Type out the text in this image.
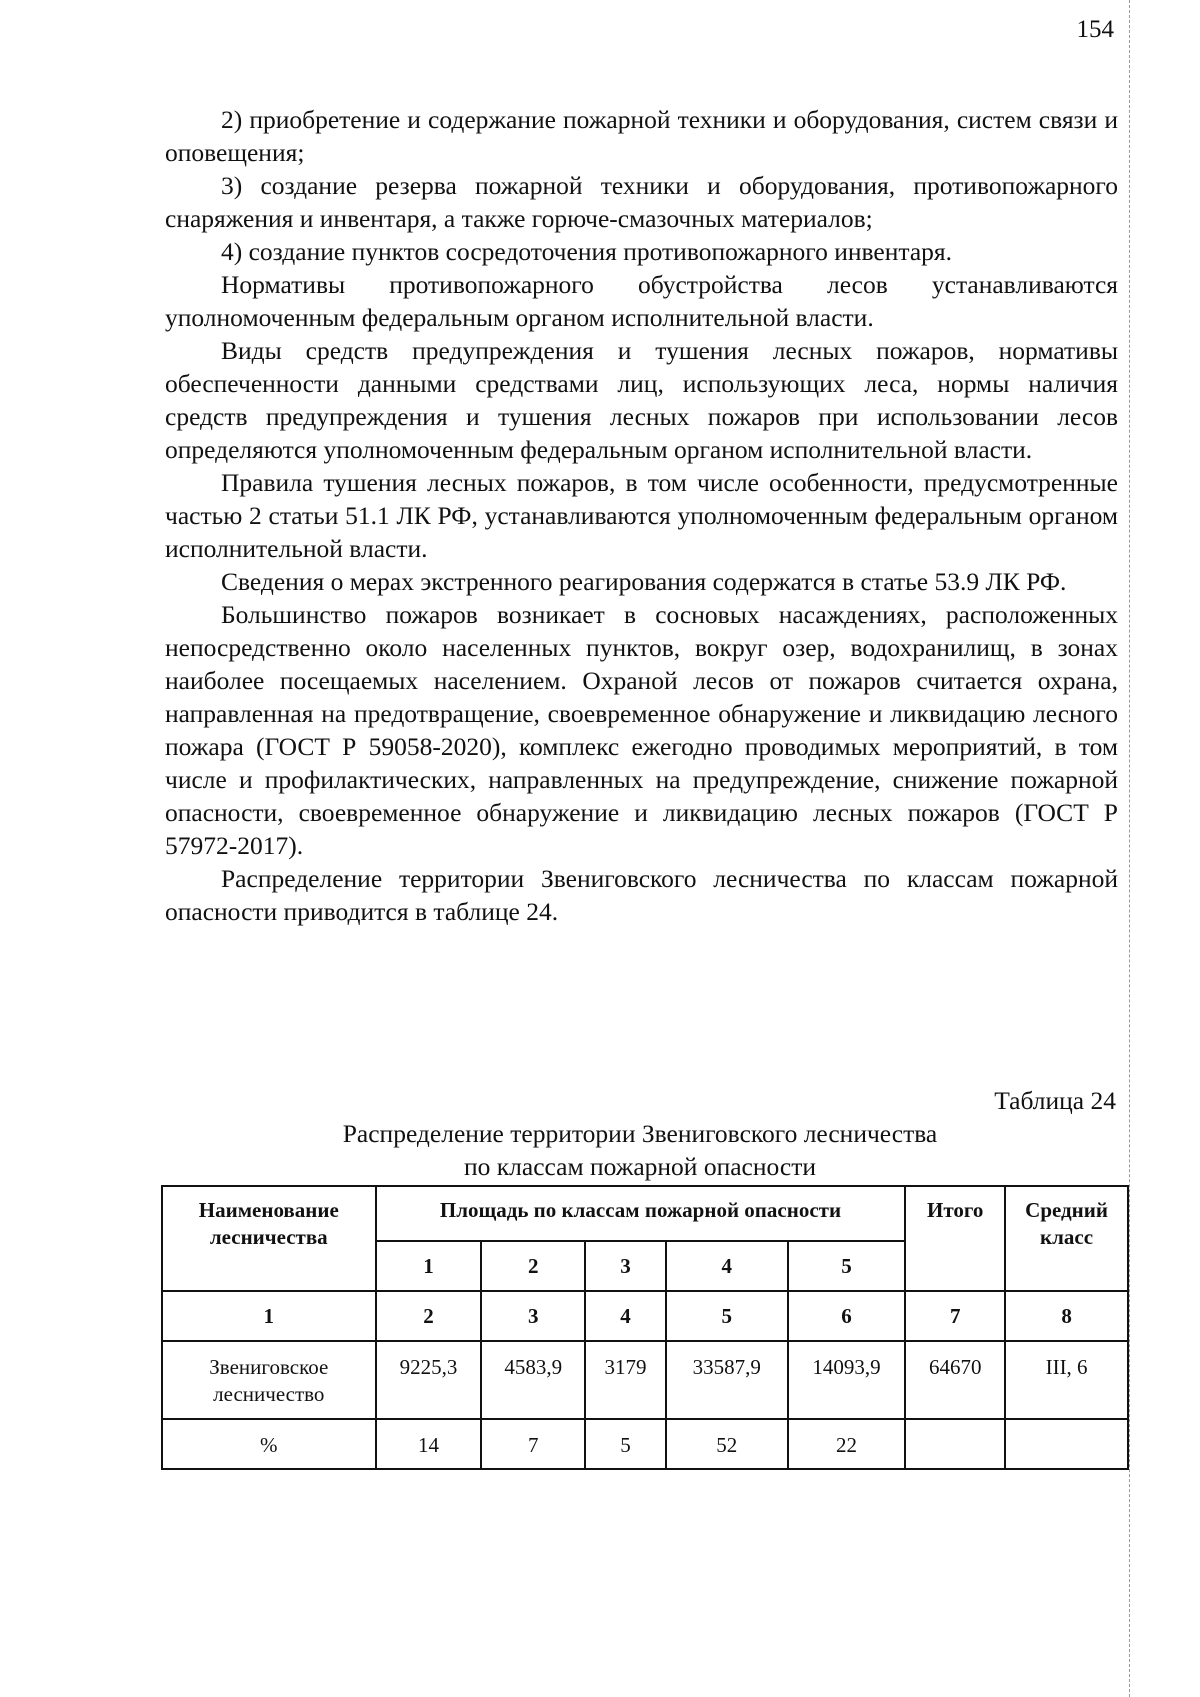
154

2) приобретение и содержание пожарной техники и оборудования, систем связи и оповещения;

3) создание резерва пожарной техники и оборудования, противопожарного снаряжения и инвентаря, а также горюче-смазочных материалов;

4) создание пунктов сосредоточения противопожарного инвентаря.

Нормативы противопожарного обустройства лесов устанавливаются уполномоченным федеральным органом исполнительной власти.

Виды средств предупреждения и тушения лесных пожаров, нормативы обеспеченности данными средствами лиц, использующих леса, нормы наличия средств предупреждения и тушения лесных пожаров при использовании лесов определяются уполномоченным федеральным органом исполнительной власти.

Правила тушения лесных пожаров, в том числе особенности, предусмотренные частью 2 статьи 51.1 ЛК РФ, устанавливаются уполномоченным федеральным органом исполнительной власти.

Сведения о мерах экстренного реагирования содержатся в статье 53.9 ЛК РФ.

Большинство пожаров возникает в сосновых насаждениях, расположенных непосредственно около населенных пунктов, вокруг озер, водохранилищ, в зонах наиболее посещаемых населением. Охраной лесов от пожаров считается охрана, направленная на предотвращение, своевременное обнаружение и ликвидацию лесного пожара (ГОСТ Р 59058-2020), комплекс ежегодно проводимых мероприятий, в том числе и профилактических, направленных на предупреждение, снижение пожарной опасности, своевременное обнаружение и ликвидацию лесных пожаров (ГОСТ Р 57972-2017).

Распределение территории Звениговского лесничества по классам пожарной опасности приводится в таблице 24.

Таблица 24
Распределение территории Звениговского лесничества
по классам пожарной опасности
Наименование лесничества	Площадь по классам пожарной опасности					Итого	Средний класс
	1	2	3	4	5		
1	2	3	4	5	6	7	8
Звениговское лесничество	9225,3	4583,9	3179	33587,9	14093,9	64670	III, 6
%	14	7	5	52	22		
